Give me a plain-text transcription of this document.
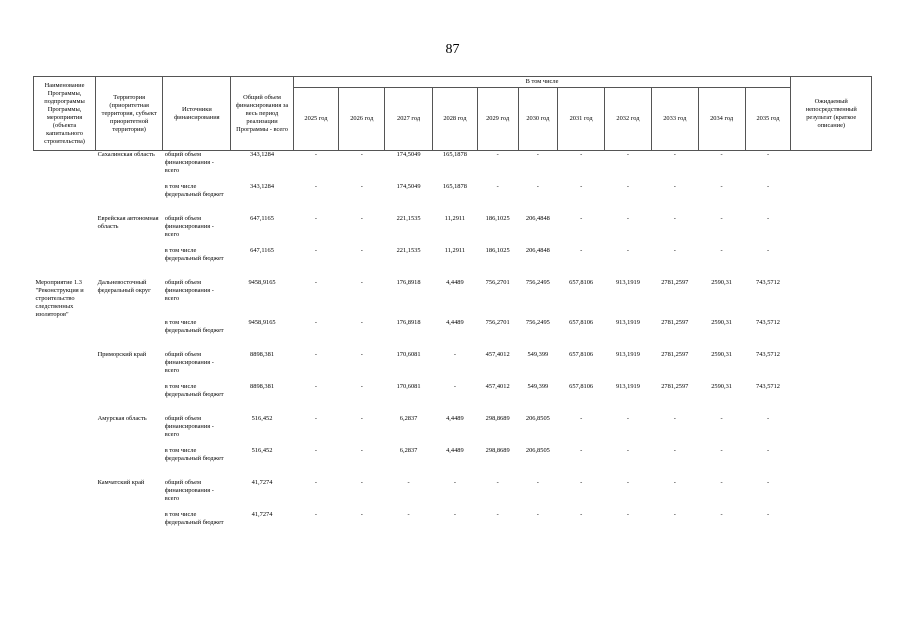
87
Наименование Программы, подпрограммы Программы, мероприятия (объекта капитального строительства)	Территория (приоритетная территория, субъект приоритетной территории)	Источники финансирования	Общий объем финансирования за весь период реализации Программы - всего	В том числе											Ожидаемый непосредственный результат (краткое описание)
				2025 год	2026 год	2027 год	2028 год	2029 год	2030 год	2031 год	2032 год	2033 год	2034 год	2035 год	
	Сахалинская область	общий объем финансирования - всего	343,1284	-	-	174,5049	165,1878	-	-	-	-	-	-	-	
		в том числе федеральный бюджет	343,1284	-	-	174,5049	165,1878	-	-	-	-	-	-	-	
	Еврейская автономная область	общий объем финансирования - всего	647,1165	-	-	221,1535	11,2911	186,1025	206,4848	-	-	-	-	-	
		в том числе федеральный бюджет	647,1165	-	-	221,1535	11,2911	186,1025	206,4848	-	-	-	-	-	
Мероприятие 1.3 "Реконструкция и строительство следственных изоляторов"	Дальневосточный федеральный округ	общий объем финансирования - всего	9458,9165	-	-	176,8918	4,4489	756,2701	756,2495	657,8106	913,1919	2781,2597	2590,31	743,5712	
		в том числе федеральный бюджет	9458,9165	-	-	176,8918	4,4489	756,2701	756,2495	657,8106	913,1919	2781,2597	2590,31	743,5712	
	Приморский край	общий объем финансирования - всего	8898,381	-	-	170,6081	-	457,4012	549,399	657,8106	913,1919	2781,2597	2590,31	743,5712	
		в том числе федеральный бюджет	8898,381	-	-	170,6081	-	457,4012	549,399	657,8106	913,1919	2781,2597	2590,31	743,5712	
	Амурская область	общий объем финансирования - всего	516,452	-	-	6,2837	4,4489	298,8689	206,8505	-	-	-	-	-	
		в том числе федеральный бюджет	516,452	-	-	6,2837	4,4489	298,8689	206,8505	-	-	-	-	-	
	Камчатский край	общий объем финансирования - всего	41,7274	-	-	-	-	-	-	-	-	-	-	-	
		в том числе федеральный бюджет	41,7274	-	-	-	-	-	-	-	-	-	-	-	
